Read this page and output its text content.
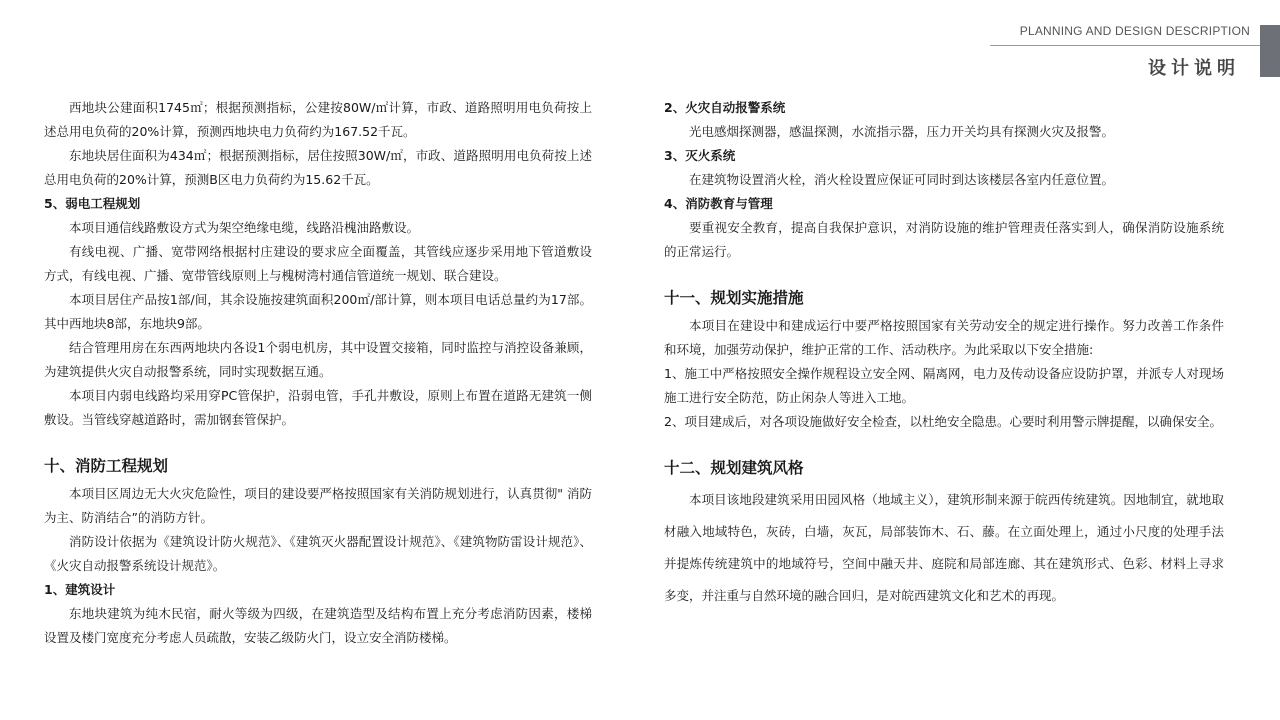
PLANNING AND DESIGN DESCRIPTION
设计说明

西地块公建面积1745㎡；根据预测指标，公建按80W/㎡计算，市政、道路照明用电负荷按上述总用电负荷的20%计算，预测西地块电力负荷约为167.52千瓦。

东地块居住面积为434㎡；根据预测指标，居住按照30W/㎡，市政、道路照明用电负荷按上述总用电负荷的20%计算，预测B区电力负荷约为15.62千瓦。

5、弱电工程规划

本项目通信线路敷设方式为架空绝缘电缆，线路沿槐油路敷设。

有线电视、广播、宽带网络根据村庄建设的要求应全面覆盖，其管线应逐步采用地下管道敷设方式，有线电视、广播、宽带管线原则上与槐树湾村通信管道统一规划、联合建设。

本项目居住产品按1部/间，其余设施按建筑面积200㎡/部计算，则本项目电话总量约为17部。其中西地块8部，东地块9部。

结合管理用房在东西两地块内各设1个弱电机房，其中设置交接箱，同时监控与消控设备兼顾，为建筑提供火灾自动报警系统，同时实现数据互通。

本项目内弱电线路均采用穿PC管保护，沿弱电管，手孔井敷设，原则上布置在道路无建筑一侧敷设。当管线穿越道路时，需加钢套管保护。

十、消防工程规划

本项目区周边无大火灾危险性，项目的建设要严格按照国家有关消防规划进行，认真贯彻" 消防为主、防消结合”的消防方针。

消防设计依据为《建筑设计防火规范》、《建筑灭火器配置设计规范》、《建筑物防雷设计规范》、《火灾自动报警系统设计规范》。

1、建筑设计

东地块建筑为纯木民宿，耐火等级为四级，在建筑造型及结构布置上充分考虑消防因素，楼梯设置及楼门宽度充分考虑人员疏散，安装乙级防火门，设立安全消防楼梯。

2、火灾自动报警系统

光电感烟探测器，感温探测，水流指示器，压力开关均具有探测火灾及报警。

3、灭火系统

在建筑物设置消火栓，消火栓设置应保证可同时到达该楼层各室内任意位置。

4、消防教育与管理

要重视安全教育，提高自我保护意识，对消防设施的维护管理责任落实到人，确保消防设施系统的正常运行。

十一、规划实施措施

本项目在建设中和建成运行中要严格按照国家有关劳动安全的规定进行操作。努力改善工作条件和环境，加强劳动保护，维护正常的工作、活动秩序。为此采取以下安全措施:

1、施工中严格按照安全操作规程设立安全网、隔离网，电力及传动设备应设防护罩，并派专人对现场施工进行安全防范，防止闲杂人等进入工地。

2、项目建成后，对各项设施做好安全检查，以杜绝安全隐患。心要时利用警示牌提醒，以确保安全。

十二、规划建筑风格

本项目该地段建筑采用田园风格（地域主义），建筑形制来源于皖西传统建筑。因地制宜，就地取材融入地域特色，灰砖，白墙，灰瓦，局部装饰木、石、藤。在立面处理上，通过小尺度的处理手法并提炼传统建筑中的地域符号，空间中融天井、庭院和局部连廊、其在建筑形式、色彩、材料上寻求多变，并注重与自然环境的融合回归，是对皖西建筑文化和艺术的再现。
